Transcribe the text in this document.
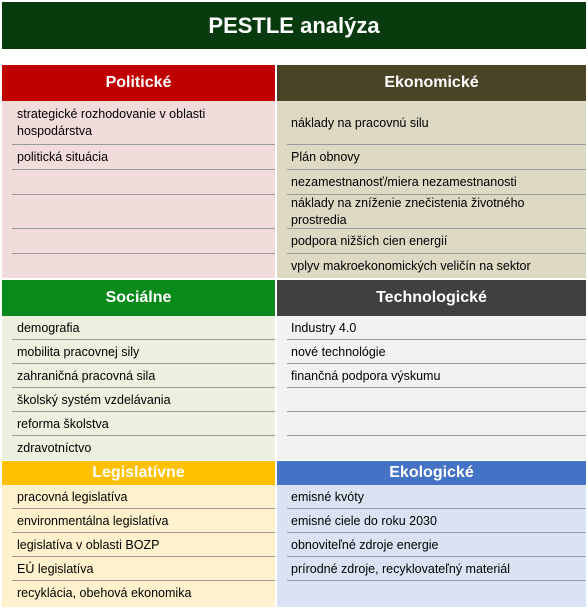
PESTLE analýza
Politické
strategické rozhodovanie v oblasti hospodárstva
politická situácia
Ekonomické
náklady na pracovnú silu
Plán obnovy
nezamestnanosť/miera nezamestnanosti
náklady na zníženie znečistenia životného prostredia
podpora nižších cien energií
vplyv makroekonomických veličín na sektor
Sociálne
demografia
mobilita pracovnej sily
zahraničná pracovná sila
školský systém vzdelávania
reforma školstva
zdravotníctvo
Technologické
Industry 4.0
nové technológie
finančná podpora výskumu
Legislatívne
pracovná legislatíva
environmentálna legislatíva
legislatíva v oblasti BOZP
EÚ legislatíva
recyklácia, obehová ekonomika
Ekologické
emisné kvóty
emisné ciele do roku 2030
obnoviteľné zdroje energie
prírodné zdroje, recyklovateľný materiál
